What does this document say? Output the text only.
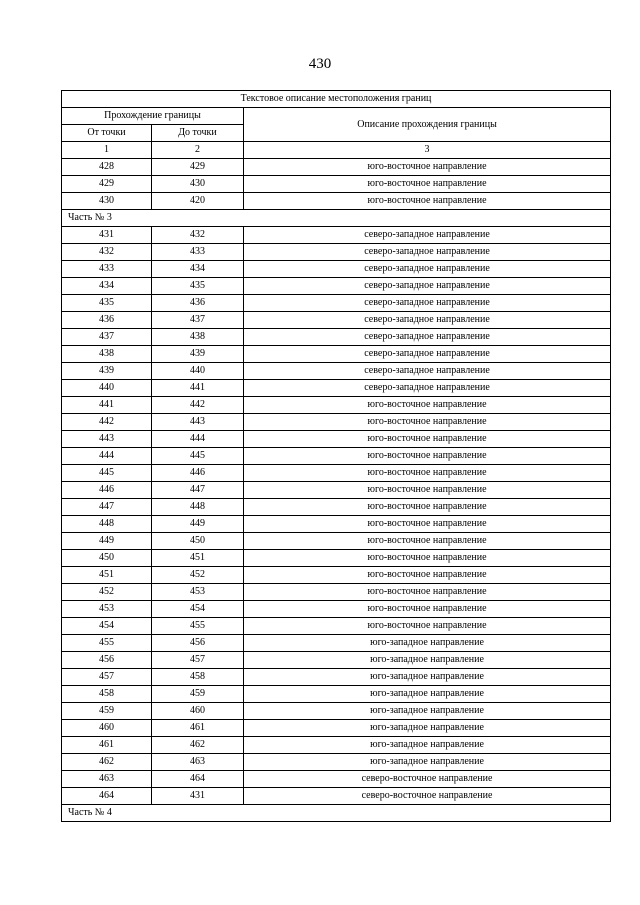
430
Текстовое описание местоположения границ		
Прохождение границы		Описание прохождения границы
От точки	До точки	
1	2	3
428	429	юго-восточное направление
429	430	юго-восточное направление
430	420	юго-восточное направление
Часть № 3		
431	432	северо-западное направление
432	433	северо-западное направление
433	434	северо-западное направление
434	435	северо-западное направление
435	436	северо-западное направление
436	437	северо-западное направление
437	438	северо-западное направление
438	439	северо-западное направление
439	440	северо-западное направление
440	441	северо-западное направление
441	442	юго-восточное направление
442	443	юго-восточное направление
443	444	юго-восточное направление
444	445	юго-восточное направление
445	446	юго-восточное направление
446	447	юго-восточное направление
447	448	юго-восточное направление
448	449	юго-восточное направление
449	450	юго-восточное направление
450	451	юго-восточное направление
451	452	юго-восточное направление
452	453	юго-восточное направление
453	454	юго-восточное направление
454	455	юго-восточное направление
455	456	юго-западное направление
456	457	юго-западное направление
457	458	юго-западное направление
458	459	юго-западное направление
459	460	юго-западное направление
460	461	юго-западное направление
461	462	юго-западное направление
462	463	юго-западное направление
463	464	северо-восточное направление
464	431	северо-восточное направление
Часть № 4		
